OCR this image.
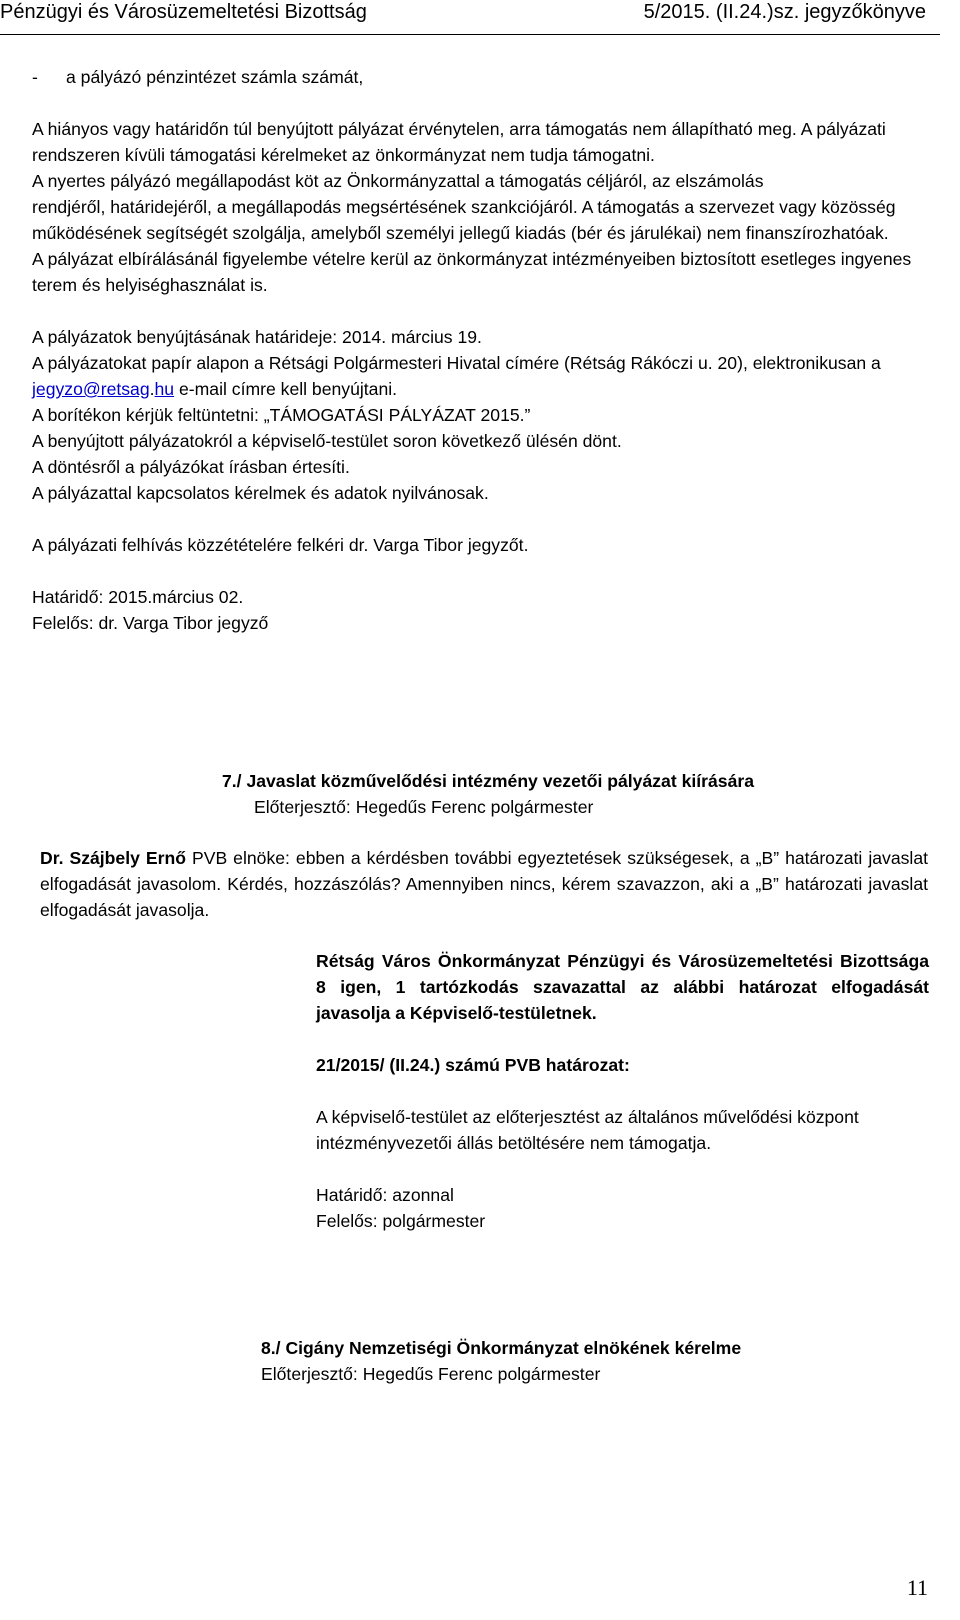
Pénzügyi és Városüzemeltetési Bizottság	5/2015. (II.24.)sz. jegyzőkönyve
-	a pályázó pénzintézet számla számát,

A hiányos vagy határidőn túl benyújtott pályázat érvénytelen, arra támogatás nem állapítható meg. A pályázati rendszeren kívüli támogatási kérelmeket az önkormányzat nem tudja támogatni.

A nyertes pályázó megállapodást köt az Önkormányzattal a támogatás céljáról, az elszámolás

rendjéről, határidejéről, a megállapodás megsértésének szankciójáról. A támogatás a szervezet vagy közösség működésének segítségét szolgálja, amelyből személyi jellegű kiadás (bér és járulékai) nem finanszírozhatóak.

A pályázat elbírálásánál figyelembe vételre kerül az önkormányzat intézményeiben biztosított esetleges ingyenes terem és helyiséghasználat is.

A pályázatok benyújtásának határideje: 2014. március 19.

A pályázatokat papír alapon a Rétsági Polgármesteri Hivatal címére (Rétság Rákóczi u. 20), elektronikusan a jegyzo@retsag.hu e-mail címre kell benyújtani.

A borítékon kérjük feltüntetni: „TÁMOGATÁSI PÁLYÁZAT 2015.”

A benyújtott pályázatokról a képviselő-testület soron következő ülésén dönt.

A döntésről a pályázókat írásban értesíti.

A pályázattal kapcsolatos kérelmek és adatok nyilvánosak.

A pályázati felhívás közzétételére felkéri dr. Varga Tibor jegyzőt.

Határidő: 2015.március 02.

Felelős: dr. Varga Tibor jegyző

7./ Javaslat közművelődési intézmény vezetői pályázat kiírására
Előterjesztő: Hegedűs Ferenc polgármester
Dr. Szájbely Ernő PVB elnöke: ebben a kérdésben további egyeztetések szükségesek, a „B” határozati javaslat elfogadását javasolom. Kérdés, hozzászólás? Amennyiben nincs, kérem szavazzon, aki a „B” határozati javaslat elfogadását javasolja.

Rétság Város Önkormányzat Pénzügyi és Városüzemeltetési Bizottsága 8 igen, 1 tartózkodás szavazattal az alábbi határozat elfogadását javasolja a Képviselő-testületnek.

21/2015/ (II.24.) számú PVB határozat:

A képviselő-testület az előterjesztést az általános művelődési központ intézményvezetői állás betöltésére nem támogatja.

Határidő: azonnal

Felelős: polgármester

8./ Cigány Nemzetiségi Önkormányzat elnökének kérelme
Előterjesztő: Hegedűs Ferenc polgármester
11
